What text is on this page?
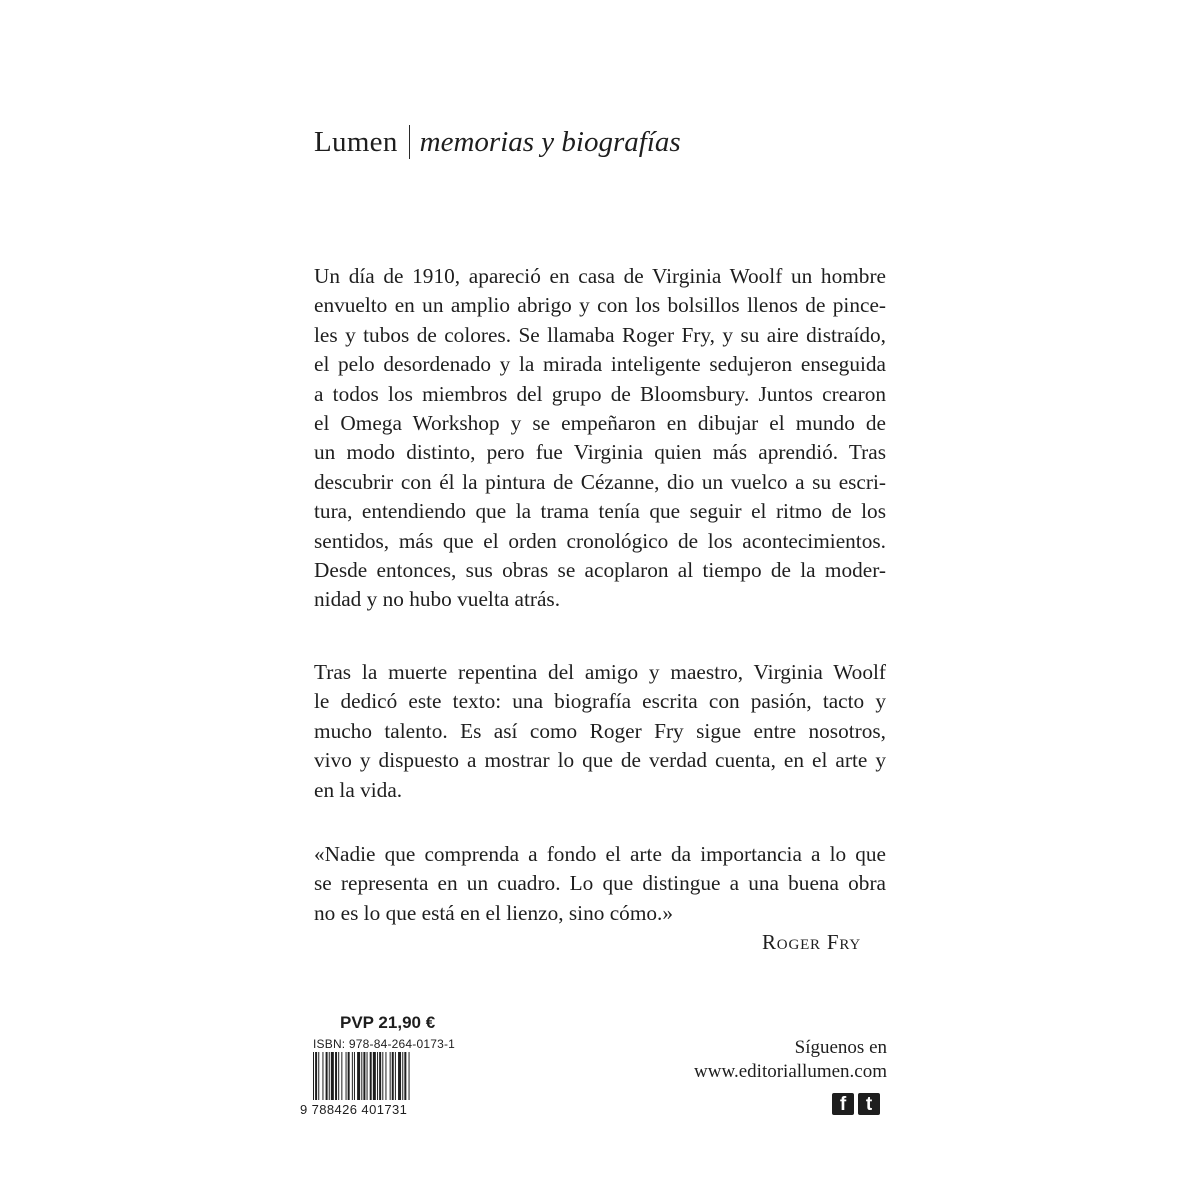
Lumen memorias y biografías
Un día de 1910, apareció en casa de Virginia Woolf un hombre
envuelto en un amplio abrigo y con los bolsillos llenos de pince-
les y tubos de colores. Se llamaba Roger Fry, y su aire distraído,
el pelo desordenado y la mirada inteligente sedujeron enseguida
a todos los miembros del grupo de Bloomsbury. Juntos crearon
el Omega Workshop y se empeñaron en dibujar el mundo de
un modo distinto, pero fue Virginia quien más aprendió. Tras
descubrir con él la pintura de Cézanne, dio un vuelco a su escri-
tura, entendiendo que la trama tenía que seguir el ritmo de los
sentidos, más que el orden cronológico de los acontecimientos.
Desde entonces, sus obras se acoplaron al tiempo de la moder-
nidad y no hubo vuelta atrás.
Tras la muerte repentina del amigo y maestro, Virginia Woolf
le dedicó este texto: una biografía escrita con pasión, tacto y
mucho talento. Es así como Roger Fry sigue entre nosotros,
vivo y dispuesto a mostrar lo que de verdad cuenta, en el arte y
en la vida.
«Nadie que comprenda a fondo el arte da importancia a lo que
se representa en un cuadro. Lo que distingue a una buena obra
no es lo que está en el lienzo, sino cómo.»
Roger Fry
PVP 21,90 €
ISBN: 978-84-264-0173-1
9 788426 401731
Síguenos en
www.editoriallumen.com
f	t
